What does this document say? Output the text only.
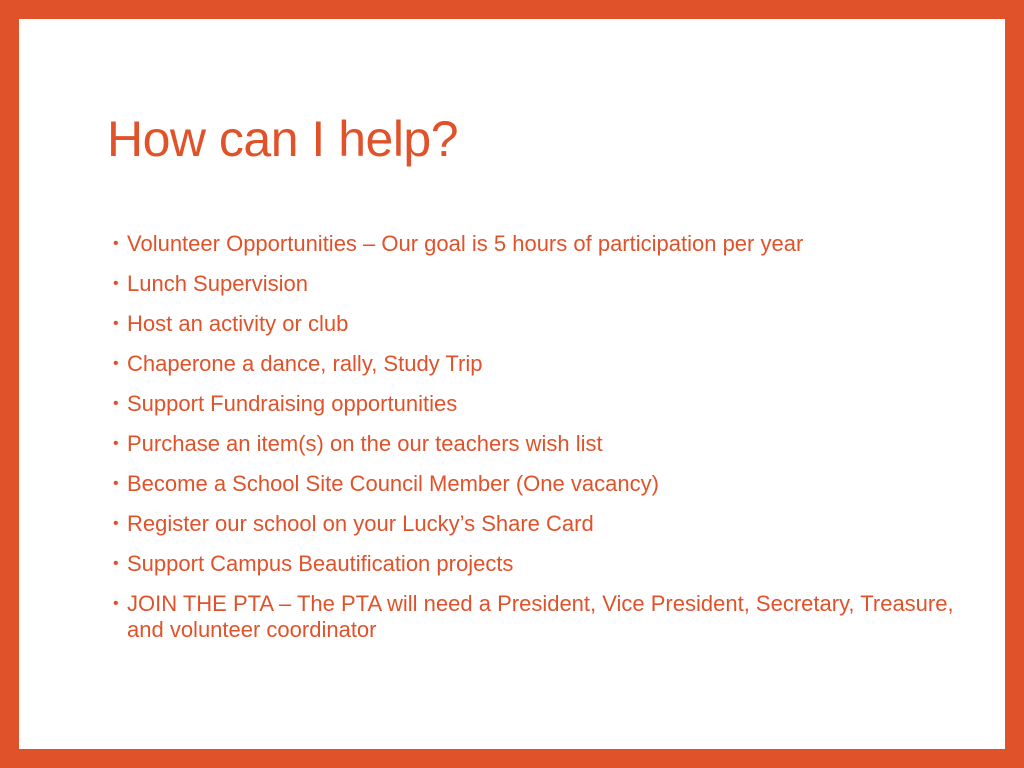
How can I help?
• Volunteer Opportunities – Our goal is 5 hours of participation per year
• Lunch Supervision
• Host an activity or club
• Chaperone a dance, rally, Study Trip
• Support Fundraising opportunities
• Purchase an item(s) on the our teachers wish list
• Become a School Site Council Member (One vacancy)
• Register our school on your Lucky’s Share Card
• Support Campus Beautification projects
• JOIN THE PTA – The PTA will need a President, Vice President, Secretary, Treasure, and volunteer coordinator
